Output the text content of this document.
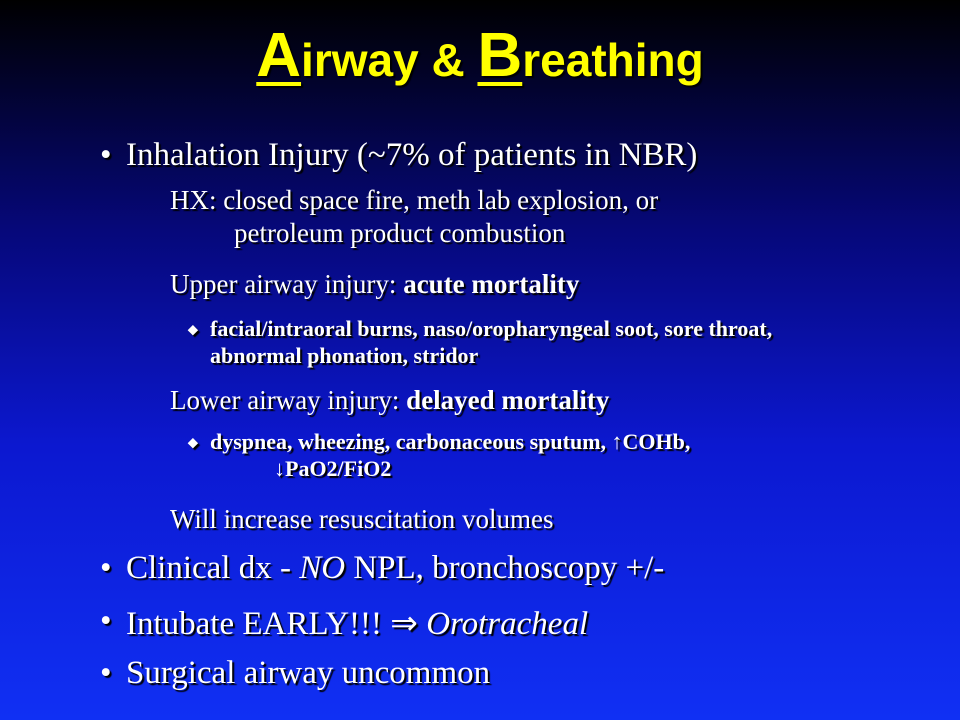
Airway & Breathing
• Inhalation Injury (~7% of patients in NBR)
HX: closed space fire, meth lab explosion, or
petroleum product combustion
Upper airway injury: acute mortality
⬥ facial/intraoral burns, naso/oropharyngeal soot, sore throat,
abnormal phonation, stridor
Lower airway injury: delayed mortality
⬥ dyspnea, wheezing, carbonaceous sputum, ↑COHb,
↓PaO2/FiO2
Will increase resuscitation volumes
• Clinical dx - NO NPL, bronchoscopy +/-
• Intubate EARLY!!! ⇒ Orotracheal
• Surgical airway uncommon
